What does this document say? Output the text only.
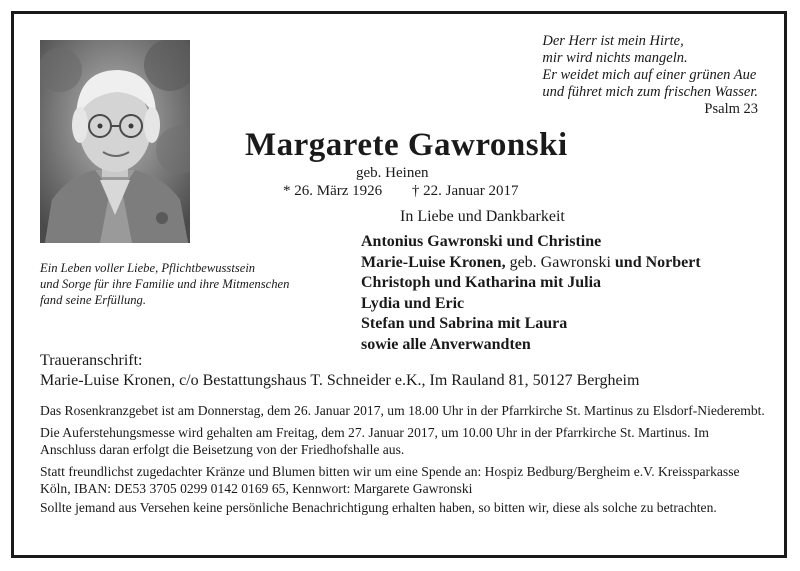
Der Herr ist mein Hirte,
mir wird nichts mangeln.
Er weidet mich auf einer grünen Aue
und führet mich zum frischen Wasser.
Psalm 23
Margarete Gawronski
geb. Heinen
* 26. März 1926 † 22. Januar 2017
Ein Leben voller Liebe, Pflichtbewusstsein
und Sorge für ihre Familie und ihre Mitmenschen
fand seine Erfüllung.
In Liebe und Dankbarkeit
Antonius Gawronski und Christine
Marie-Luise Kronen, geb. Gawronski und Norbert
Christoph und Katharina mit Julia
Lydia und Eric
Stefan und Sabrina mit Laura
sowie alle Anverwandten
Traueranschrift:
Marie-Luise Kronen, c/o Bestattungshaus T. Schneider e.K., Im Rauland 81, 50127 Bergheim

Das Rosenkranzgebet ist am Donnerstag, dem 26. Januar 2017, um 18.00 Uhr in der Pfarrkirche St. Martinus zu Elsdorf-Niederembt.

Die Auferstehungsmesse wird gehalten am Freitag, dem 27. Januar 2017, um 10.00 Uhr in der Pfarrkirche St. Martinus. Im Anschluss daran erfolgt die Beisetzung von der Friedhofshalle aus.

Statt freundlichst zugedachter Kränze und Blumen bitten wir um eine Spende an: Hospiz Bedburg/Bergheim e.V. Kreissparkasse Köln, IBAN: DE53 3705 0299 0142 0169 65, Kennwort: Margarete Gawronski

Sollte jemand aus Versehen keine persönliche Benachrichtigung erhalten haben, so bitten wir, diese als solche zu betrachten.
